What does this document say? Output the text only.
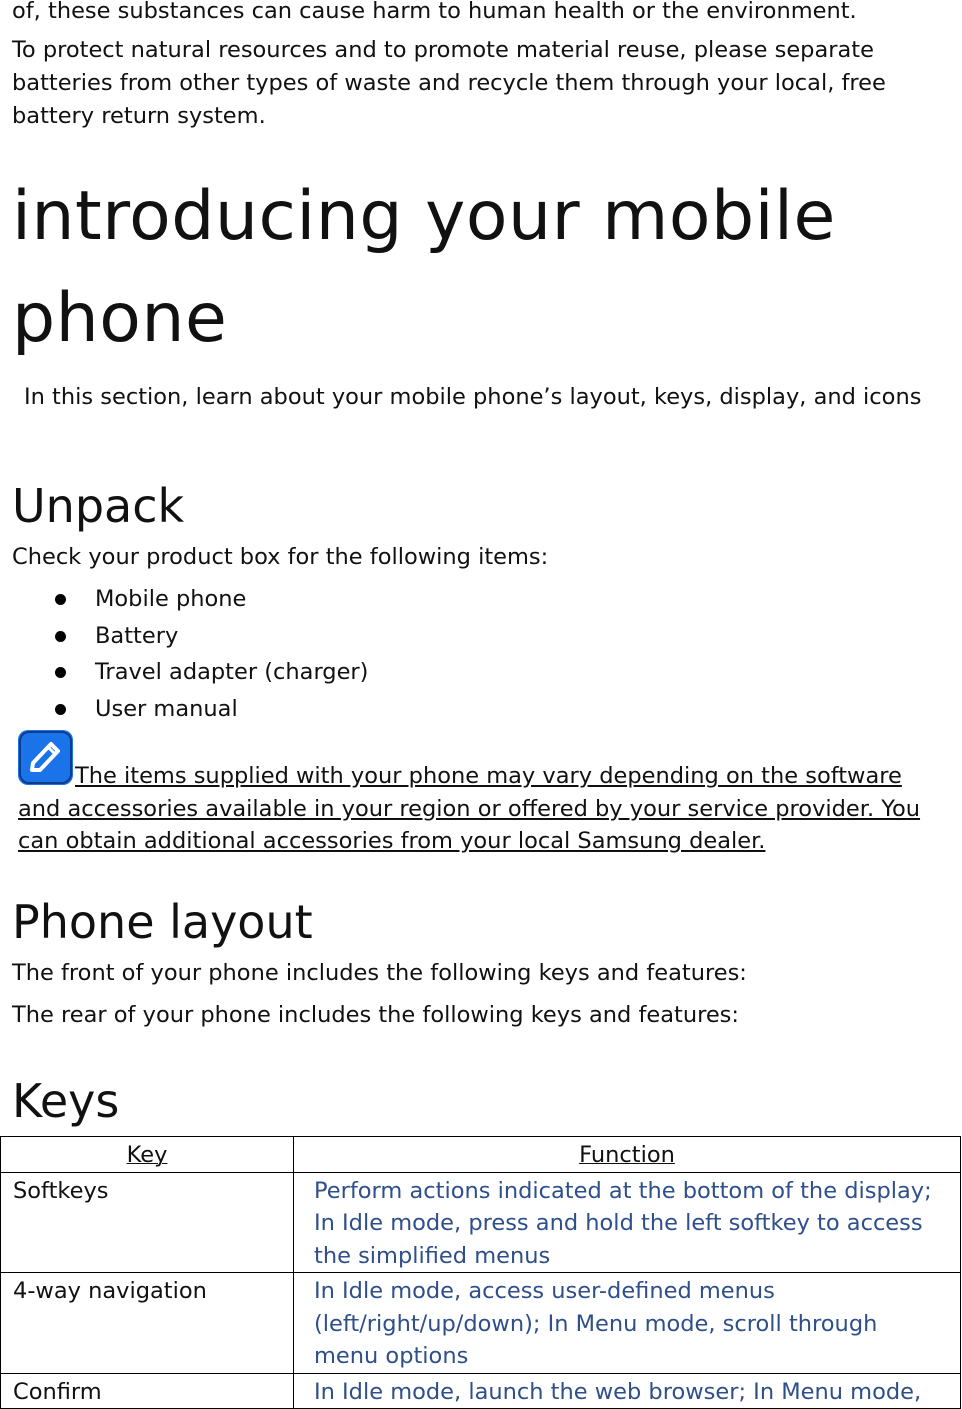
of, these substances can cause harm to human health or the environment.

To protect natural resources and to promote material reuse, please separate batteries from other types of waste and recycle them through your local, free battery return system.

introducing your mobile phone

In this section, learn about your mobile phone’s layout, keys, display, and icons

Unpack

Check your product box for the following items:

Mobile phone
Battery
Travel adapter (charger)
User manual
The items supplied with your phone may vary depending on the software and accessories available in your region or offered by your service provider. You can obtain additional accessories from your local Samsung dealer.
Phone layout

The front of your phone includes the following keys and features:

The rear of your phone includes the following keys and features:

Keys
Key	Function
Softkeys	Perform actions indicated at the bottom of the display; In Idle mode, press and hold the left softkey to access the simplified menus
4-way navigation	In Idle mode, access user-defined menus (left/right/up/down); In Menu mode, scroll through menu options
Confirm	In Idle mode, launch the web browser; In Menu mode,
